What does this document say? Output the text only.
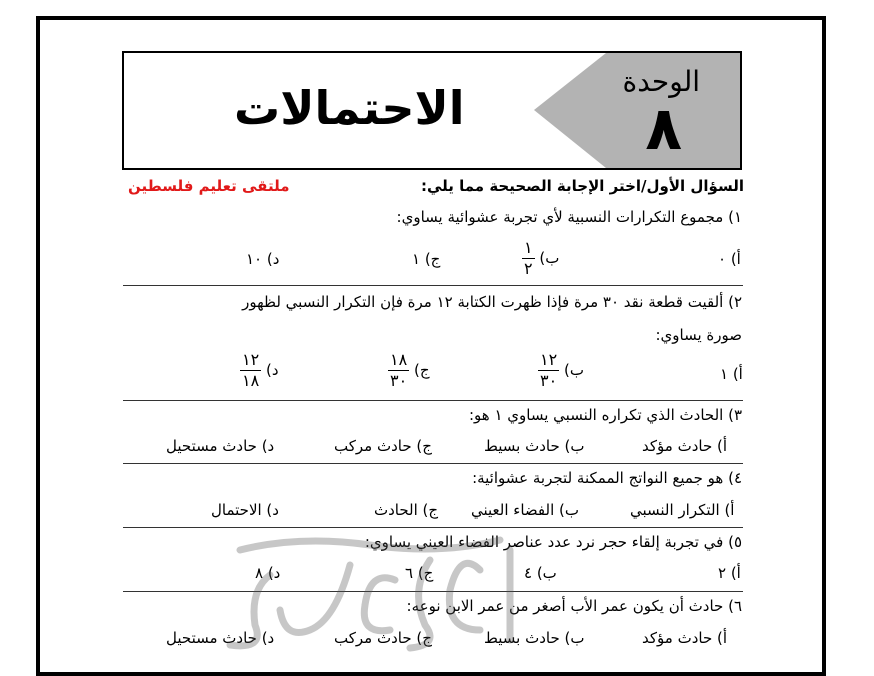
الوحدة
٨
الاحتمالات
السؤال الأول/اختر الإجابة الصحيحة مما يلي:
ملتقى تعليم فلسطين
١) مجموع التكرارات النسبية لأي تجربة عشوائية يساوي:
أ) ٠
ب)
$\frac{١}{٢}$
ج) ١
د) ١٠
٢) ألقيت قطعة نقد ٣٠ مرة فإذا ظهرت الكتابة ١٢ مرة فإن التكرار النسبي لظهور
صورة يساوي:
أ) ١
ب)
$\frac{١٢}{٣٠}$
ج)
$\frac{١٨}{٣٠}$
د)
$\frac{١٢}{١٨}$
٣) الحادث الذي تكراره النسبي يساوي ١ هو:
أ) حادث مؤكد
ب) حادث بسيط
ج) حادث مركب
د) حادث مستحيل
٤) هو جميع النواتج الممكنة لتجربة عشوائية:
أ) التكرار النسبي
ب) الفضاء العيني
ج) الحادث
د) الاحتمال
٥) في تجربة إلقاء حجر نرد عدد عناصر الفضاء العيني يساوي:
أ) ٢
ب) ٤
ج) ٦
د) ٨
٦) حادث أن يكون عمر الأب أصغر من عمر الابن نوعه:
أ) حادث مؤكد
ب) حادث بسيط
ج) حادث مركب
د) حادث مستحيل
